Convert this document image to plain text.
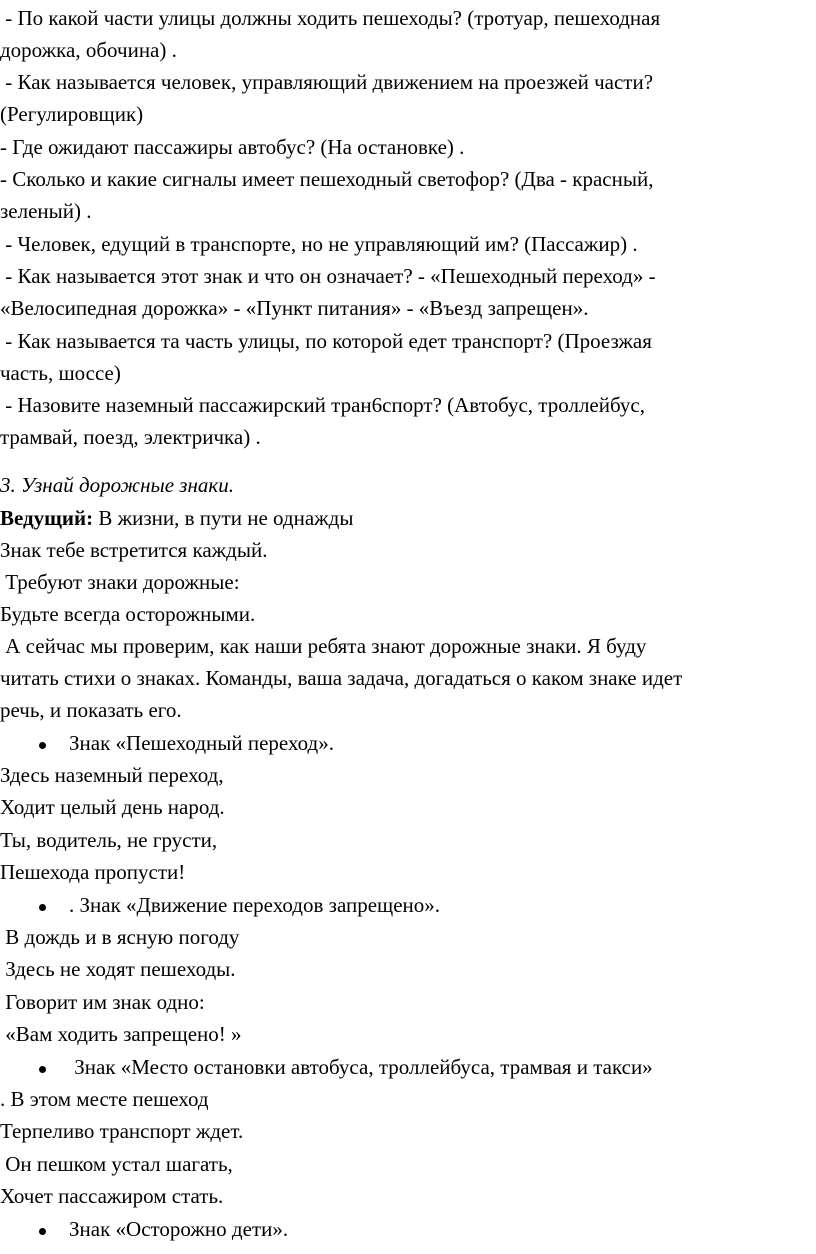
- По какой части улицы должны ходить пешеходы? (тротуар, пешеходная
дорожка, обочина) .
- Как называется человек, управляющий движением на проезжей части?
(Регулировщик)
- Где ожидают пассажиры автобус? (На остановке) .
- Сколько и какие сигналы имеет пешеходный светофор? (Два - красный,
зеленый) .
- Человек, едущий в транспорте, но не управляющий им? (Пассажир) .
- Как называется этот знак и что он означает? - «Пешеходный переход» -
«Велосипедная дорожка» - «Пункт питания» - «Въезд запрещен».
- Как называется та часть улицы, по которой едет транспорт? (Проезжая
часть, шоссе)
- Назовите наземный пассажирский тран6спорт? (Автобус, троллейбус,
трамвай, поезд, электричка) .
3. Узнай дорожные знаки.
Ведущий: В жизни, в пути не однажды
Знак тебе встретится каждый.
Требуют знаки дорожные:
Будьте всегда осторожными.
А сейчас мы проверим, как наши ребята знают дорожные знаки. Я буду
читать стихи о знаках. Команды, ваша задача, догадаться о каком знаке идет
речь, и показать его.
Знак «Пешеходный переход».
Здесь наземный переход,
Ходит целый день народ.
Ты, водитель, не грусти,
Пешехода пропусти!
. Знак «Движение переходов запрещено».
В дождь и в ясную погоду
Здесь не ходят пешеходы.
Говорит им знак одно:
«Вам ходить запрещено! »
Знак «Место остановки автобуса, троллейбуса, трамвая и такси»
. В этом месте пешеход
Терпеливо транспорт ждет.
Он пешком устал шагать,
Хочет пассажиром стать.
Знак «Осторожно дети».
